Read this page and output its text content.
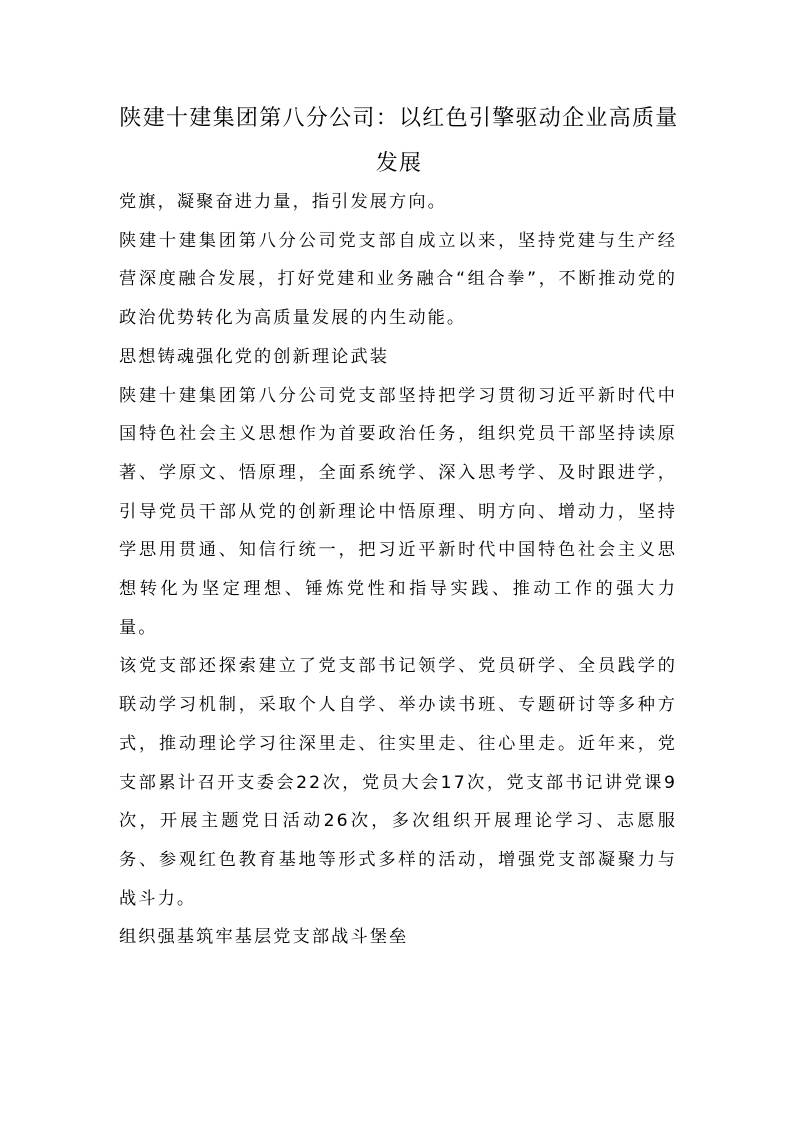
陕建十建集团第八分公司：以红色引擎驱动企业高质量发展

党旗，凝聚奋进力量，指引发展方向。

陕建十建集团第八分公司党支部自成立以来，坚持党建与生产经营深度融合发展，打好党建和业务融合“组合拳”，不断推动党的政治优势转化为高质量发展的内生动能。

思想铸魂强化党的创新理论武装

陕建十建集团第八分公司党支部坚持把学习贯彻习近平新时代中国特色社会主义思想作为首要政治任务，组织党员干部坚持读原著、学原文、悟原理，全面系统学、深入思考学、及时跟进学，引导党员干部从党的创新理论中悟原理、明方向、增动力，坚持学思用贯通、知信行统一，把习近平新时代中国特色社会主义思想转化为坚定理想、锤炼党性和指导实践、推动工作的强大力量。

该党支部还探索建立了党支部书记领学、党员研学、全员践学的联动学习机制，采取个人自学、举办读书班、专题研讨等多种方式，推动理论学习往深里走、往实里走、往心里走。近年来，党支部累计召开支委会22次，党员大会17次，党支部书记讲党课9次，开展主题党日活动26次，多次组织开展理论学习、志愿服务、参观红色教育基地等形式多样的活动，增强党支部凝聚力与战斗力。

组织强基筑牢基层党支部战斗堡垒
